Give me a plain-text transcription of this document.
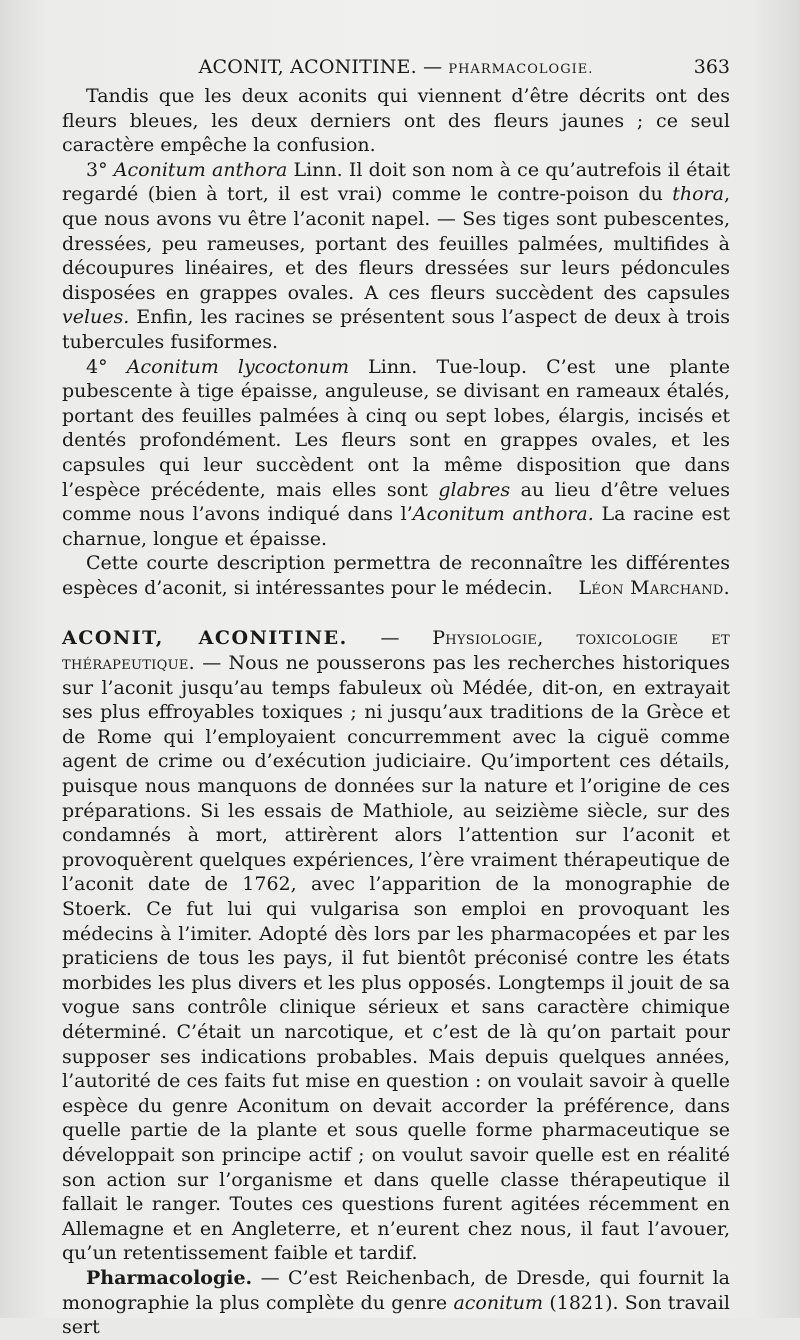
ACONIT, ACONITINE. — PHARMACOLOGIE.	363

Tandis que les deux aconits qui viennent d’être décrits ont des fleurs bleues, les deux derniers ont des fleurs jaunes ; ce seul caractère empêche la confusion.

3° Aconitum anthora Linn. Il doit son nom à ce qu’autrefois il était regardé (bien à tort, il est vrai) comme le contre-poison du thora, que nous avons vu être l’aconit napel. — Ses tiges sont pubescentes, dressées, peu rameuses, portant des feuilles palmées, multifides à découpures linéaires, et des fleurs dressées sur leurs pédoncules disposées en grappes ovales. A ces fleurs succèdent des capsules velues. Enfin, les racines se présentent sous l’aspect de deux à trois tubercules fusiformes.

4° Aconitum lycoctonum Linn. Tue-loup. C’est une plante pubescente à tige épaisse, anguleuse, se divisant en rameaux étalés, portant des feuilles palmées à cinq ou sept lobes, élargis, incisés et dentés profondément. Les fleurs sont en grappes ovales, et les capsules qui leur succèdent ont la même disposition que dans l’espèce précédente, mais elles sont glabres au lieu d’être velues comme nous l’avons indiqué dans l’Aconitum anthora. La racine est charnue, longue et épaisse.

Cette courte description permettra de reconnaître les différentes espèces d’aconit, si intéressantes pour le médecin.	Léon Marchand.

ACONIT, ACONITINE. — Physiologie, toxicologie et thérapeutique. — Nous ne pousserons pas les recherches historiques sur l’aconit jusqu’au temps fabuleux où Médée, dit-on, en extrayait ses plus effroyables toxiques ; ni jusqu’aux traditions de la Grèce et de Rome qui l’employaient concurremment avec la ciguë comme agent de crime ou d’exécution judiciaire. Qu’importent ces détails, puisque nous manquons de données sur la nature et l’origine de ces préparations. Si les essais de Mathiole, au seizième siècle, sur des condamnés à mort, attirèrent alors l’attention sur l’aconit et provoquèrent quelques expériences, l’ère vraiment thérapeutique de l’aconit date de 1762, avec l’apparition de la monographie de Stoerk. Ce fut lui qui vulgarisa son emploi en provoquant les médecins à l’imiter. Adopté dès lors par les pharmacopées et par les praticiens de tous les pays, il fut bientôt préconisé contre les états morbides les plus divers et les plus opposés. Longtemps il jouit de sa vogue sans contrôle clinique sérieux et sans caractère chimique déterminé. C’était un narcotique, et c’est de là qu’on partait pour supposer ses indications probables. Mais depuis quelques années, l’autorité de ces faits fut mise en question : on voulait savoir à quelle espèce du genre Aconitum on devait accorder la préférence, dans quelle partie de la plante et sous quelle forme pharmaceutique se développait son principe actif ; on voulut savoir quelle est en réalité son action sur l’organisme et dans quelle classe thérapeutique il fallait le ranger. Toutes ces questions furent agitées récemment en Allemagne et en Angleterre, et n’eurent chez nous, il faut l’avouer, qu’un retentissement faible et tardif.

Pharmacologie. — C’est Reichenbach, de Dresde, qui fournit la monographie la plus complète du genre aconitum (1821). Son travail sert
